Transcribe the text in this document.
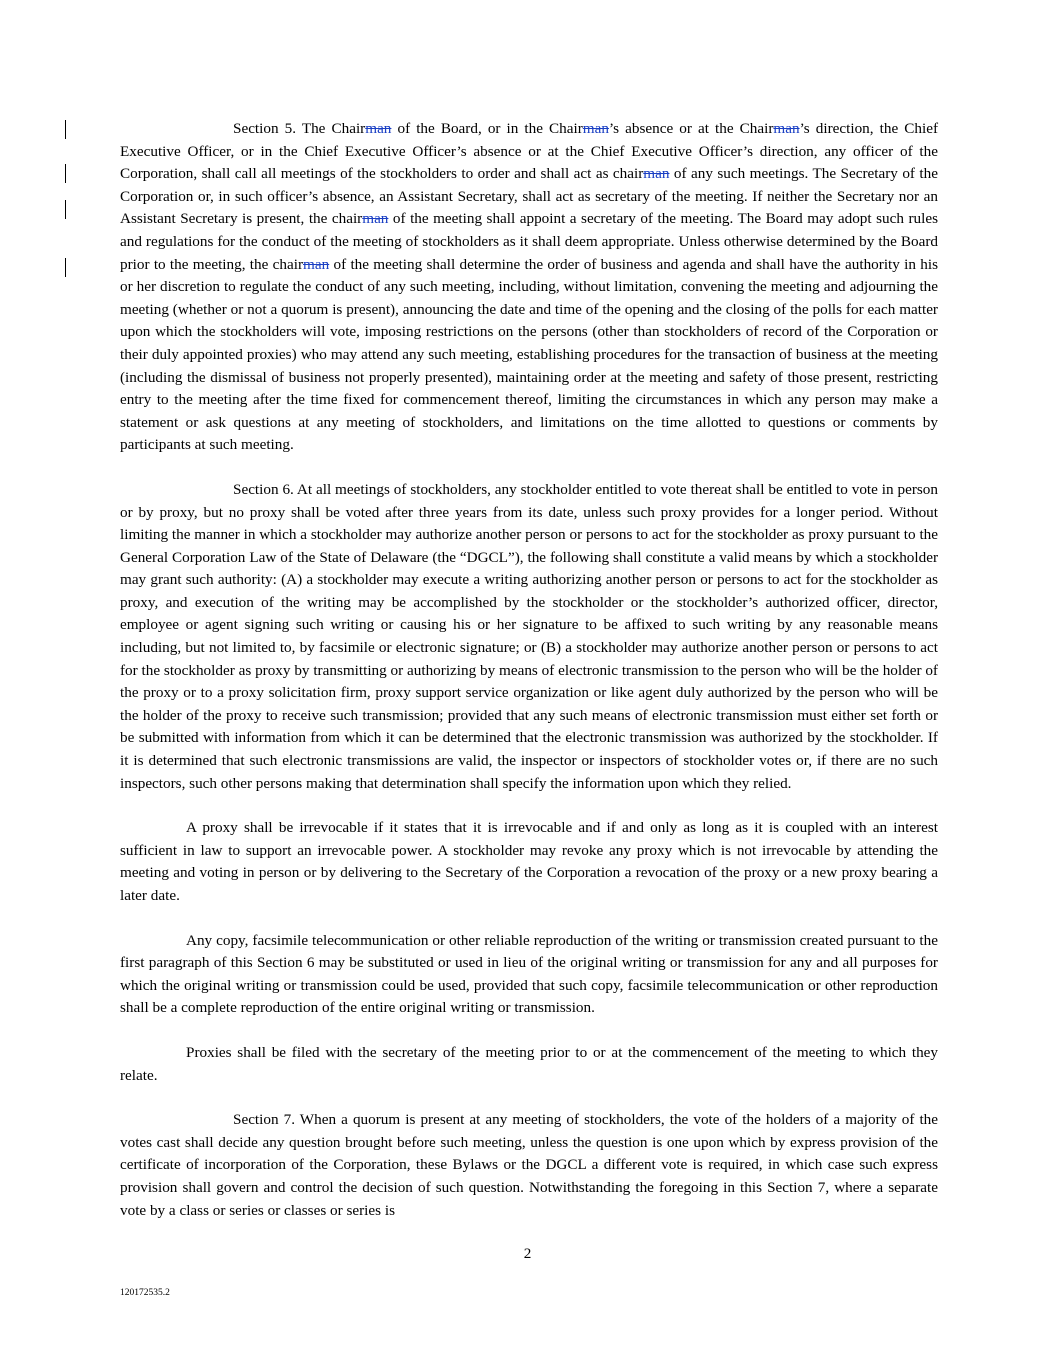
Section 5. The Chairman of the Board, or in the Chairman’s absence or at the Chairman’s direction, the Chief Executive Officer, or in the Chief Executive Officer’s absence or at the Chief Executive Officer’s direction, any officer of the Corporation, shall call all meetings of the stockholders to order and shall act as chairman of any such meetings. The Secretary of the Corporation or, in such officer’s absence, an Assistant Secretary, shall act as secretary of the meeting. If neither the Secretary nor an Assistant Secretary is present, the chairman of the meeting shall appoint a secretary of the meeting. The Board may adopt such rules and regulations for the conduct of the meeting of stockholders as it shall deem appropriate. Unless otherwise determined by the Board prior to the meeting, the chairman of the meeting shall determine the order of business and agenda and shall have the authority in his or her discretion to regulate the conduct of any such meeting, including, without limitation, convening the meeting and adjourning the meeting (whether or not a quorum is present), announcing the date and time of the opening and the closing of the polls for each matter upon which the stockholders will vote, imposing restrictions on the persons (other than stockholders of record of the Corporation or their duly appointed proxies) who may attend any such meeting, establishing procedures for the transaction of business at the meeting (including the dismissal of business not properly presented), maintaining order at the meeting and safety of those present, restricting entry to the meeting after the time fixed for commencement thereof, limiting the circumstances in which any person may make a statement or ask questions at any meeting of stockholders, and limitations on the time allotted to questions or comments by participants at such meeting.

Section 6. At all meetings of stockholders, any stockholder entitled to vote thereat shall be entitled to vote in person or by proxy, but no proxy shall be voted after three years from its date, unless such proxy provides for a longer period. Without limiting the manner in which a stockholder may authorize another person or persons to act for the stockholder as proxy pursuant to the General Corporation Law of the State of Delaware (the “DGCL”), the following shall constitute a valid means by which a stockholder may grant such authority: (A) a stockholder may execute a writing authorizing another person or persons to act for the stockholder as proxy, and execution of the writing may be accomplished by the stockholder or the stockholder’s authorized officer, director, employee or agent signing such writing or causing his or her signature to be affixed to such writing by any reasonable means including, but not limited to, by facsimile or electronic signature; or (B) a stockholder may authorize another person or persons to act for the stockholder as proxy by transmitting or authorizing by means of electronic transmission to the person who will be the holder of the proxy or to a proxy solicitation firm, proxy support service organization or like agent duly authorized by the person who will be the holder of the proxy to receive such transmission; provided that any such means of electronic transmission must either set forth or be submitted with information from which it can be determined that the electronic transmission was authorized by the stockholder. If it is determined that such electronic transmissions are valid, the inspector or inspectors of stockholder votes or, if there are no such inspectors, such other persons making that determination shall specify the information upon which they relied.

A proxy shall be irrevocable if it states that it is irrevocable and if and only as long as it is coupled with an interest sufficient in law to support an irrevocable power. A stockholder may revoke any proxy which is not irrevocable by attending the meeting and voting in person or by delivering to the Secretary of the Corporation a revocation of the proxy or a new proxy bearing a later date.

Any copy, facsimile telecommunication or other reliable reproduction of the writing or transmission created pursuant to the first paragraph of this Section 6 may be substituted or used in lieu of the original writing or transmission for any and all purposes for which the original writing or transmission could be used, provided that such copy, facsimile telecommunication or other reproduction shall be a complete reproduction of the entire original writing or transmission.

Proxies shall be filed with the secretary of the meeting prior to or at the commencement of the meeting to which they relate.

Section 7. When a quorum is present at any meeting of stockholders, the vote of the holders of a majority of the votes cast shall decide any question brought before such meeting, unless the question is one upon which by express provision of the certificate of incorporation of the Corporation, these Bylaws or the DGCL a different vote is required, in which case such express provision shall govern and control the decision of such question. Notwithstanding the foregoing in this Section 7, where a separate vote by a class or series or classes or series is

2
120172535.2
